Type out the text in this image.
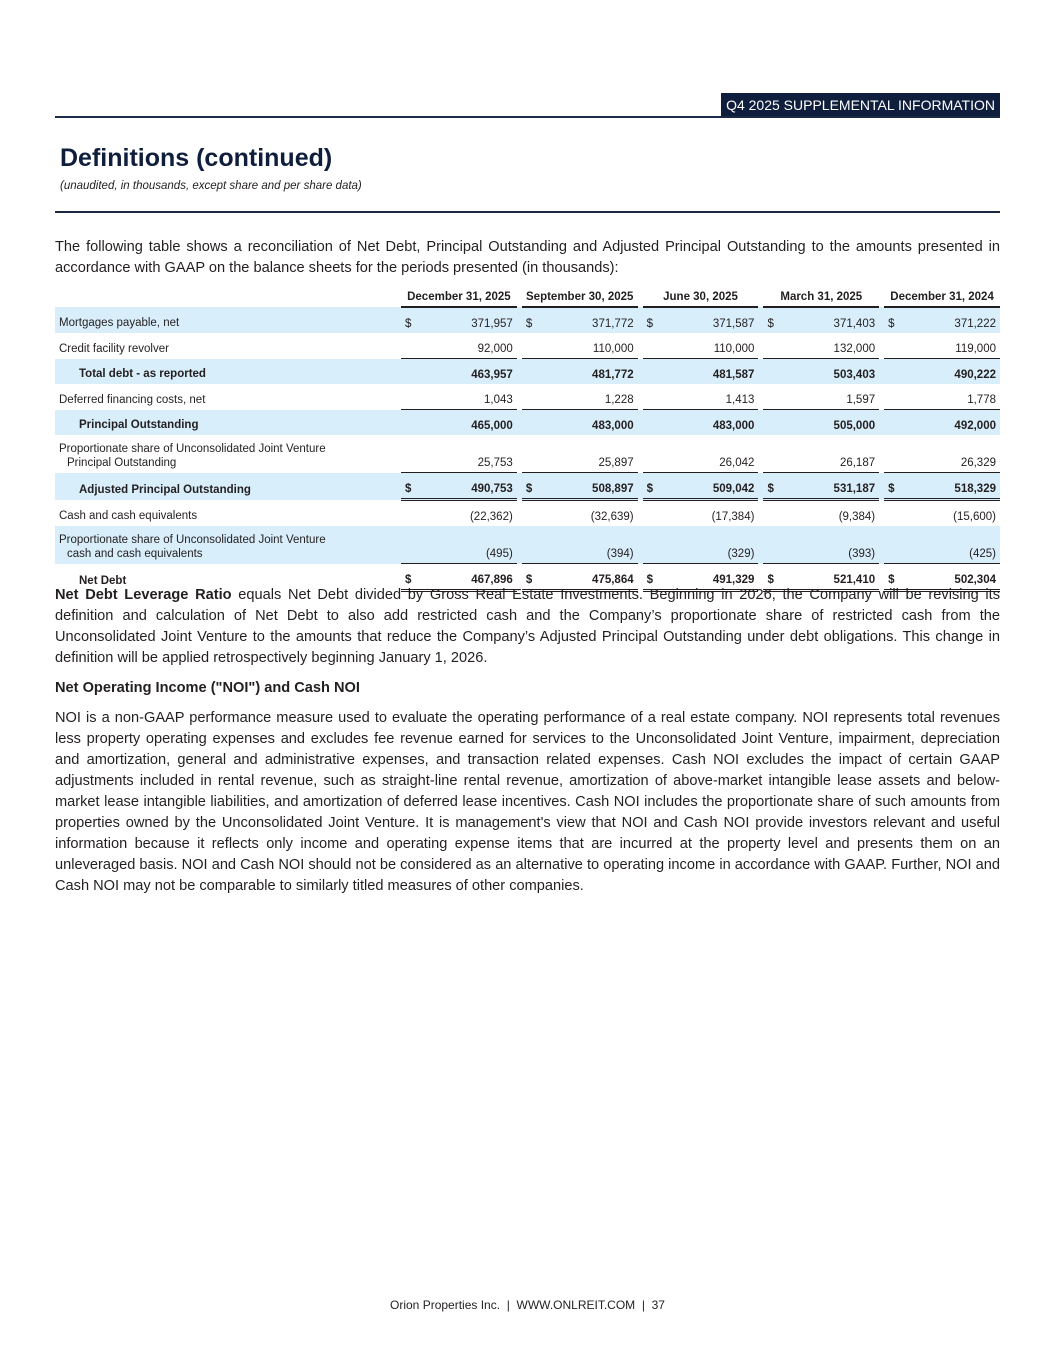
Q4 2025 SUPPLEMENTAL INFORMATION
Definitions (continued)
(unaudited, in thousands, except share and per share data)
The following table shows a reconciliation of Net Debt, Principal Outstanding and Adjusted Principal Outstanding to the amounts presented in accordance with GAAP on the balance sheets for the periods presented (in thousands):
	December 31, 2025			September 30, 2025			June 30, 2025			March 31, 2025			December 31, 2024	
Mortgages payable, net	$	371,957		$	371,772		$	371,587		$	371,403		$	371,222
Credit facility revolver		92,000			110,000			110,000			132,000			119,000
Total debt - as reported		463,957			481,772			481,587			503,403			490,222
Deferred financing costs, net		1,043			1,228			1,413			1,597			1,778
Principal Outstanding		465,000			483,000			483,000			505,000			492,000

Proportionate share of Unconsolidated Joint Venture
Principal Outstanding		25,753			25,897			26,042			26,187			26,329
Adjusted Principal Outstanding	$	490,753		$	508,897		$	509,042		$	531,187		$	518,329
Cash and cash equivalents		(22,362)			(32,639)			(17,384)			(9,384)			(15,600)

Proportionate share of Unconsolidated Joint Venture
cash and cash equivalents		(495)			(394)			(329)			(393)			(425)
Net Debt	$	467,896		$	475,864		$	491,329		$	521,410		$	502,304
Net Debt Leverage Ratio equals Net Debt divided by Gross Real Estate Investments. Beginning in 2026, the Company will be revising its definition and calculation of Net Debt to also add restricted cash and the Company’s proportionate share of restricted cash from the Unconsolidated Joint Venture to the amounts that reduce the Company’s Adjusted Principal Outstanding under debt obligations. This change in definition will be applied retrospectively beginning January 1, 2026.
Net Operating Income ("NOI") and Cash NOI
NOI is a non-GAAP performance measure used to evaluate the operating performance of a real estate company. NOI represents total revenues less property operating expenses and excludes fee revenue earned for services to the Unconsolidated Joint Venture, impairment, depreciation and amortization, general and administrative expenses, and transaction related expenses. Cash NOI excludes the impact of certain GAAP adjustments included in rental revenue, such as straight-line rental revenue, amortization of above-market intangible lease assets and below-market lease intangible liabilities, and amortization of deferred lease incentives. Cash NOI includes the proportionate share of such amounts from properties owned by the Unconsolidated Joint Venture. It is management's view that NOI and Cash NOI provide investors relevant and useful information because it reflects only income and operating expense items that are incurred at the property level and presents them on an unleveraged basis. NOI and Cash NOI should not be considered as an alternative to operating income in accordance with GAAP. Further, NOI and Cash NOI may not be comparable to similarly titled measures of other companies.
Orion Properties Inc.  |  WWW.ONLREIT.COM  |  37
